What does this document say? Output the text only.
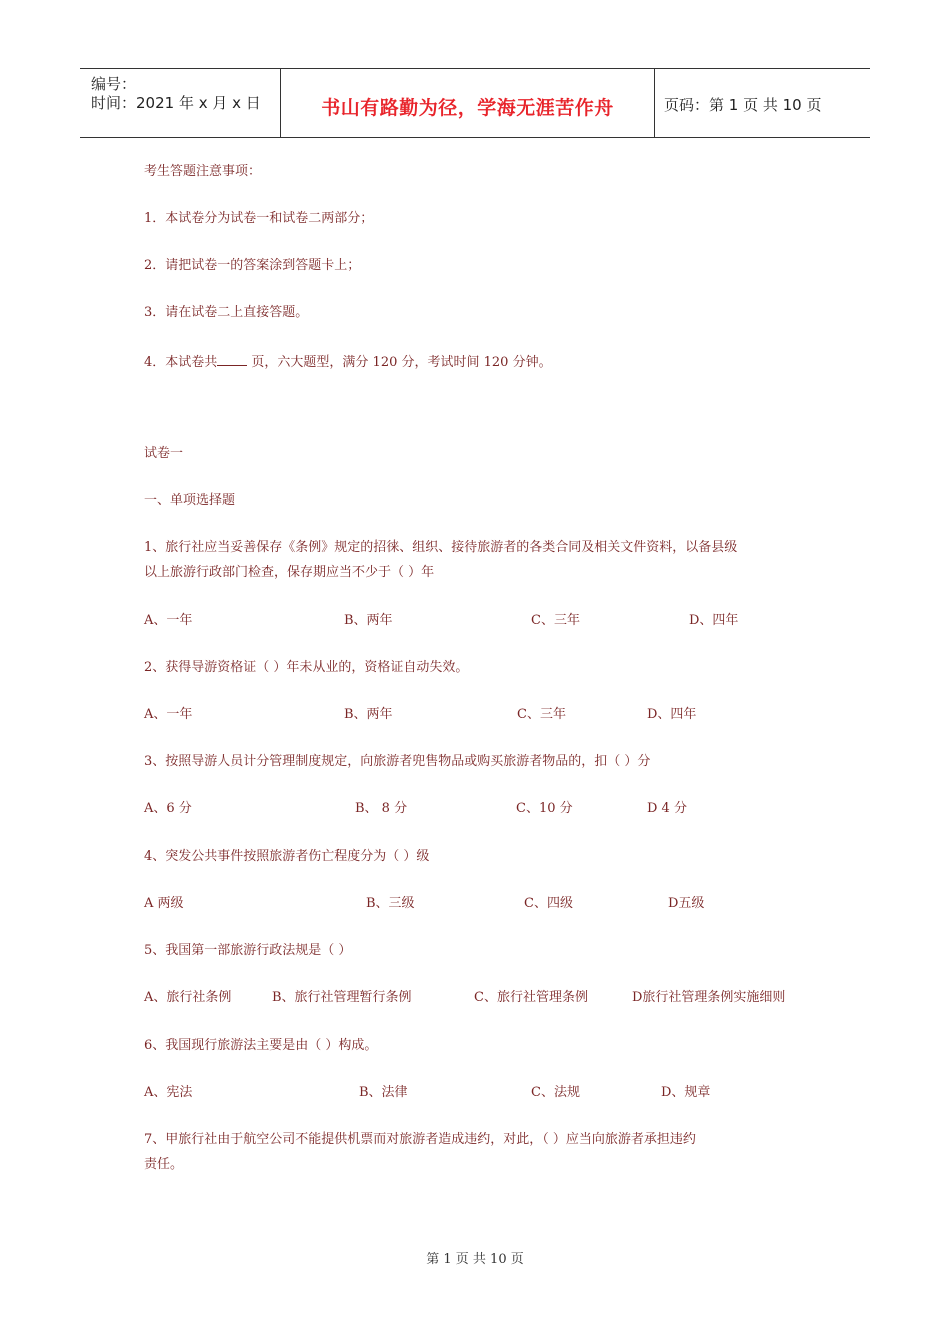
编号：
时间：2021 年 x 月 x 日	书山有路勤为径，学海无涯苦作舟	页码：第 1 页 共 10 页
考生答题注意事项：
1．本试卷分为试卷一和试卷二两部分；
2．请把试卷一的答案涂到答题卡上；
3．请在试卷二上直接答题。
4．本试卷共 页，六大题型，满分 120 分，考试时间 120 分钟。
试卷一
一、单项选择题
1、旅行社应当妥善保存《条例》规定的招徕、组织、接待旅游者的各类合同及相关文件资料，以备县级
以上旅游行政部门检查，保存期应当不少于（ ）年
A、一年	B、两年	C、三年	D、四年
2、获得导游资格证（ ）年未从业的，资格证自动失效。
A、一年	B、两年	C、三年	D、四年
3、按照导游人员计分管理制度规定，向旅游者兜售物品或购买旅游者物品的，扣（ ）分
A、6 分	B、 8 分	C、10 分	D 4 分
4、突发公共事件按照旅游者伤亡程度分为（ ）级
A 两级	B、三级	C、四级	D五级
5、我国第一部旅游行政法规是（ ）
A、旅行社条例	B、旅行社管理暂行条例	C、旅行社管理条例	D旅行社管理条例实施细则
6、我国现行旅游法主要是由（ ）构成。
A、宪法	B、法律	C、法规	D、规章
7、甲旅行社由于航空公司不能提供机票而对旅游者造成违约，对此，（ ）应当向旅游者承担违约
责任。
第 1 页 共 10 页
